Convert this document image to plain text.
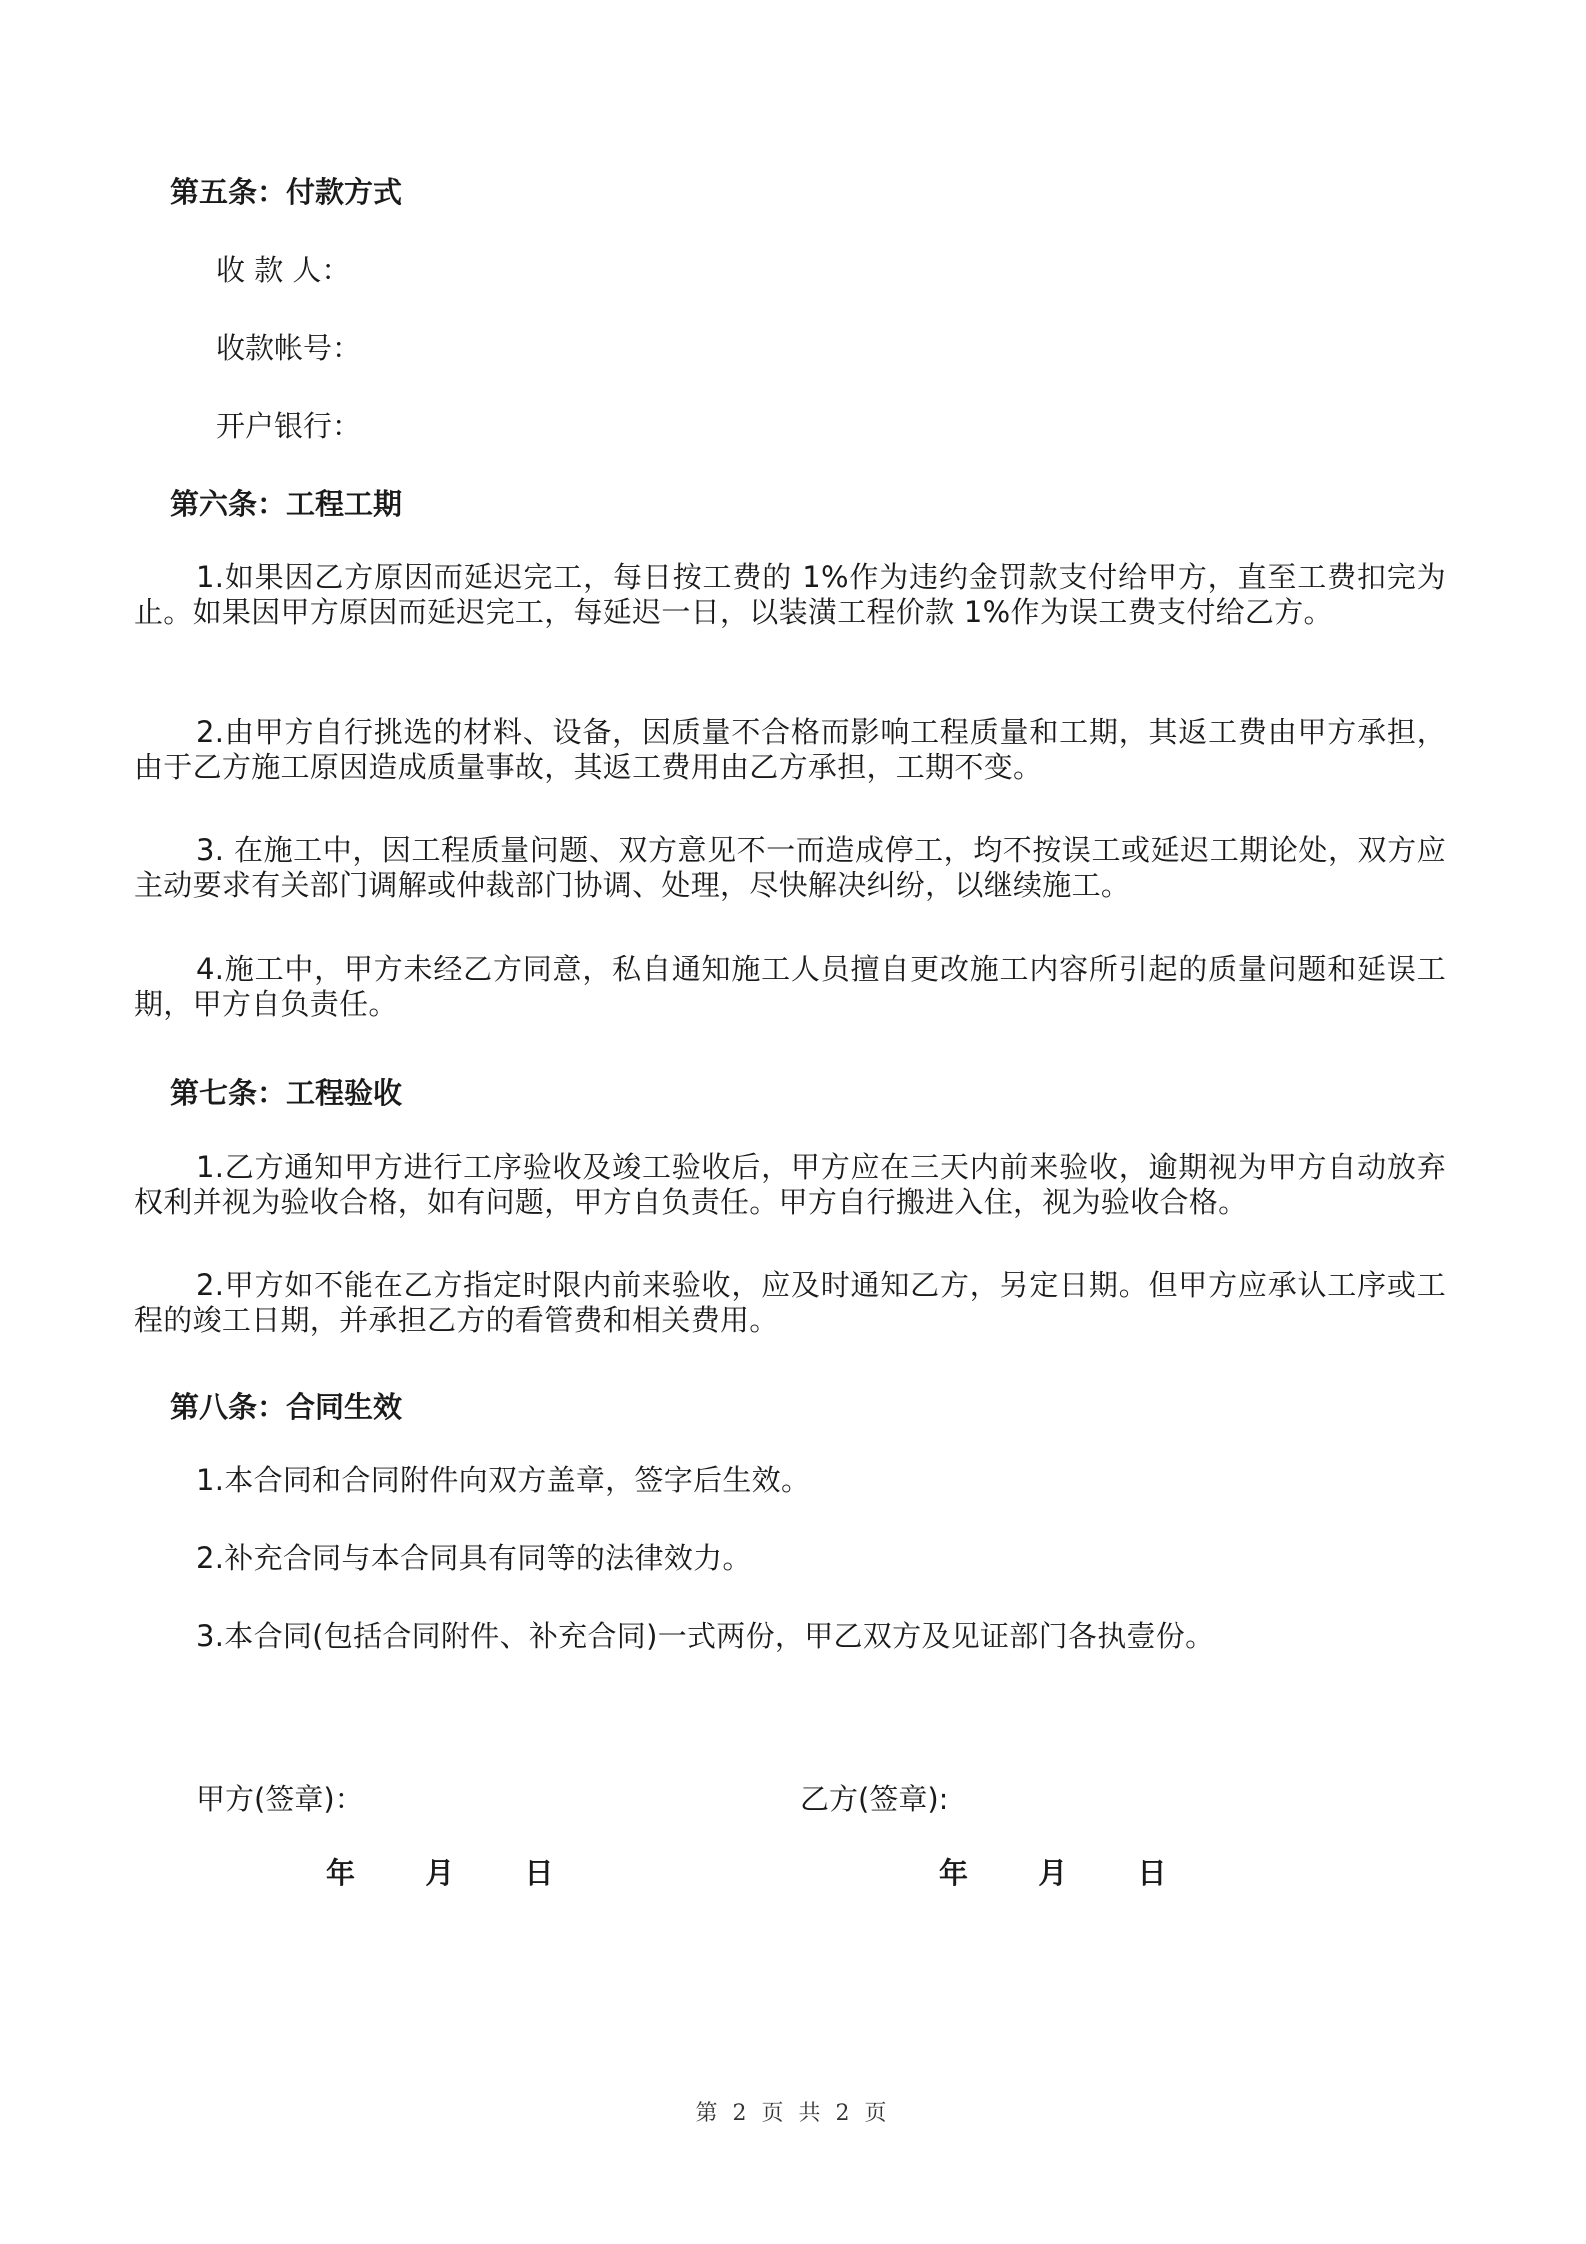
第五条：付款方式
收 款 人：
收款帐号：
开户银行：
第六条：工程工期
1.如果因乙方原因而延迟完工，每日按工费的 1%作为违约金罚款支付给甲方，直至工费扣完为止。如果因甲方原因而延迟完工，每延迟一日，以装潢工程价款 1%作为误工费支付给乙方。
2.由甲方自行挑选的材料、设备，因质量不合格而影响工程质量和工期，其返工费由甲方承担，由于乙方施工原因造成质量事故，其返工费用由乙方承担，工期不变。
3. 在施工中，因工程质量问题、双方意见不一而造成停工，均不按误工或延迟工期论处，双方应主动要求有关部门调解或仲裁部门协调、处理，尽快解决纠纷，以继续施工。
4.施工中，甲方未经乙方同意，私自通知施工人员擅自更改施工内容所引起的质量问题和延误工期，甲方自负责任。
第七条：工程验收
1.乙方通知甲方进行工序验收及竣工验收后，甲方应在三天内前来验收，逾期视为甲方自动放弃权利并视为验收合格，如有问题，甲方自负责任。甲方自行搬进入住，视为验收合格。
2.甲方如不能在乙方指定时限内前来验收，应及时通知乙方，另定日期。但甲方应承认工序或工程的竣工日期，并承担乙方的看管费和相关费用。
第八条：合同生效
1.本合同和合同附件向双方盖章，签字后生效。
2.补充合同与本合同具有同等的法律效力。
3.本合同(包括合同附件、补充合同)一式两份，甲乙双方及见证部门各执壹份。
甲方(签章)：	乙方(签章):
年 月 日	年 月 日
第 2 页 共 2 页
